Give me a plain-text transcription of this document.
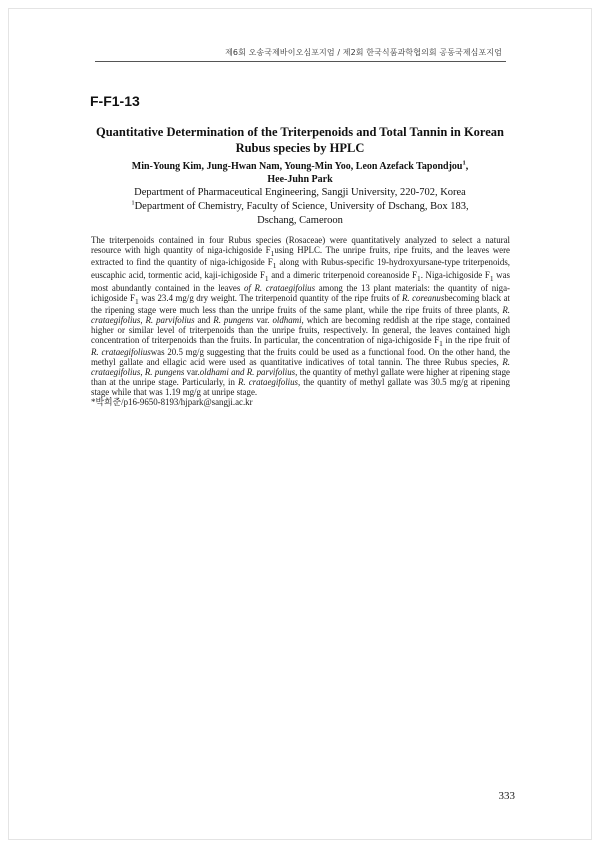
제6회 오송국제바이오심포지엄 / 제2회 한국식품과학협의회 공동국제심포지엄
F-F1-13
Quantitative Determination of the Triterpenoids and Total Tannin in Korean Rubus species by HPLC
Min-Young Kim, Jung-Hwan Nam, Young-Min Yoo, Leon Azefack Tapondjou$^1$,
Hee-Juhn Park
Department of Pharmaceutical Engineering, Sangji University, 220-702, Korea
$^1$Department of Chemistry, Faculty of Science, University of Dschang, Box 183,
Dschang, Cameroon

The triterpenoids contained in four Rubus species (Rosaceae) were quantitatively analyzed to select a natural resource with high quantity of niga-ichigoside $F_1using$ HPLC. The unripe fruits, ripe fruits, and the leaves were extracted to find the quantity of niga-ichigoside $F_1$ along with Rubus-specific 19-hydroxyursane-type triterpenoids, euscaphic acid, tormentic acid, kaji-ichigoside $F_1$ and a dimeric triterpenoid coreanoside $F_1$. Niga-ichigoside $F_1$ was most abundantly contained in the leaves of R. crataegifolius among the 13 plant materials: the quantity of niga-ichigoside $F_1$ was 23.4 mg/g dry weight. The triterpenoid quantity of the ripe fruits of R. coreanusbecoming black at the ripening stage were much less than the unripe fruits of the same plant, while the ripe fruits of three plants, R. crataegifolius, R. parvifolius and R. pungens var. oldhami, which are becoming reddish at the ripe stage, contained higher or similar level of triterpenoids than the unripe fruits, respectively. In general, the leaves contained high concentration of triterpenoids than the fruits. In particular, the concentration of niga-ichigoside $F_1$ in the ripe fruit of R. crataegifoliuswas 20.5 mg/g suggesting that the fruits could be used as a functional food. On the other hand, the methyl gallate and ellagic acid were used as quantitative indicatives of total tannin. The three Rubus species, R. crataegifolius, R. pungens var.oldhami and R. parvifolius, the quantity of methyl gallate were higher at ripening stage than at the unripe stage. Particularly, in R. crataegifolius, the quantity of methyl gallate was 30.5 mg/g at ripening stage while that was 1.19 mg/g at unripe stage.

*박희준/p16-9650-8193/hjpark@sangji.ac.kr
333
